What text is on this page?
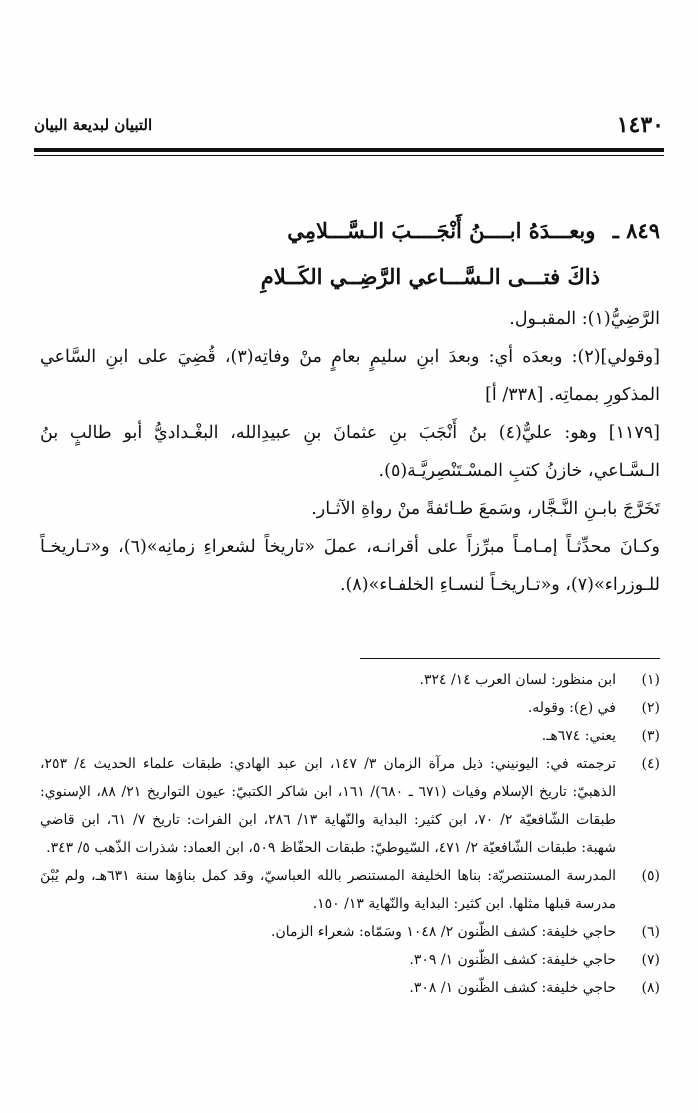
١٤٣٠
التبيان لبديعة البيان
٨٤٩ ـ وبعـــدَهُ ابــــنُ أَنْجَــــبَ الـسَّـــلامِي
ذاكَ فتـــى الـسَّـــاعي الرَّضِــي الكَــلامِ

الرَّضِيُّ(١): المقبـول.

[وقولي](٢): وبعدَه أي: وبعدَ ابنِ سليمٍ بعامٍ منْ وفاتِه(٣)، قُضِيَ على ابنِ السَّاعي المذكورِ بمماتِه. [٣٣٨/ أ]

[١١٧٩] وهو: عليٌّ(٤) بنُ أَنْجَبَ بنِ عثمانَ بنِ عبيدِالله، البغْـداديُّ أبو طالبٍ بنُ الـسَّـاعي، خازنُ كتبِ المسْـتَنْصِريَّـة(٥).

تَخَرَّجَ بابـنِ النَّـجَّار، وسَمعَ طـائفةً منْ رواةِ الآثـار.

وكـانَ محدِّثـاً إمـامـاً مبرِّزاً على أقرانـه، عملَ «تاريخاً لشعراءِ زمانِه»(٦)، و«تـاريخـاً للـوزراء»(٧)، و«تـاريخـاً لنسـاءِ الخلفـاء»(٨).

(١)
ابن منظور: لسان العرب ١٤/ ٣٢٤.
(٢)
في (ع): وقوله.
(٣)
يعني: ٦٧٤هـ.
(٤)
ترجمته في: اليونيني: ذيل مرآة الزمان ٣/ ١٤٧، ابن عبد الهادي: طبقات علماء الحديث ٤/ ٢٥٣، الذهبيّ: تاريخ الإسلام وفيات (٦٧١ ـ ٦٨٠)/ ١٦١، ابن شاكر الكتبيّ: عيون التواريخ ٢١/ ٨٨، الإسنوي: طبقات الشّافعيّة ٢/ ٧٠، ابن كثير: البداية والنّهاية ١٣/ ٢٨٦، ابن الفرات: تاريخ ٧/ ٦١، ابن قاضي شهبة: طبقات الشّافعيّة ٢/ ٤٧١، السّيوطيّ: طبقات الحفّاظ ٥٠٩، ابن العماد: شذرات الذّهب ٥/ ٣٤٣.
(٥)
المدرسة المستنصريّة: بناها الخليفة المستنصر بالله العباسيّ، وقد كمل بناؤها سنة ٦٣١هـ، ولم يُبْنَ مدرسة قبلها مثلها. ابن كثير: البداية والنّهاية ١٣/ ١٥٠.
(٦)
حاجي خليفة: كشف الظّنون ٢/ ١٠٤٨ وسَمّاه: شعراء الزمان.
(٧)
حاجي خليفة: كشف الظّنون ١/ ٣٠٩.
(٨)
حاجي خليفة: كشف الظّنون ١/ ٣٠٨.
